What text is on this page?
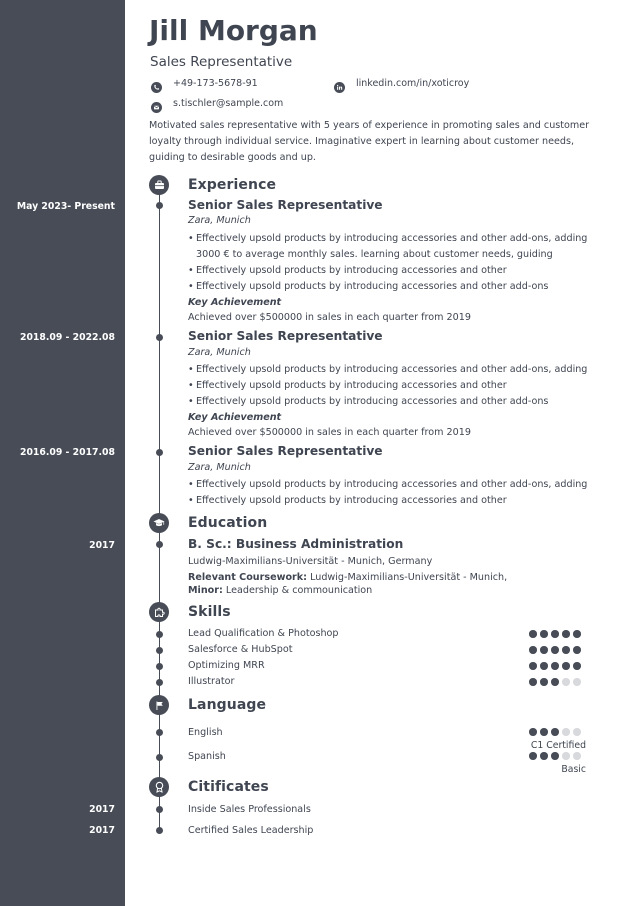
Jill Morgan
Sales Representative
+49-173-5678-91	linkedin.com/in/xoticroy
s.tischler@sample.com
Motivated sales representative with 5 years of experience in promoting sales and customer
loyalty through individual service. Imaginative expert in learning about customer needs,
guiding to desirable goods and up.
Experience
May 2023- Present	Senior Sales Representative
Zara, Munich
• Effectively upsold products by introducing accessories and other add-ons, adding 3000 € to average monthly sales. learning about customer needs, guiding
• Effectively upsold products by introducing accessories and other
• Effectively upsold products by introducing accessories and other add-ons
Key Achievement
Achieved over $500000 in sales in each quarter from 2019
2018.09 - 2022.08	Senior Sales Representative
Zara, Munich
• Effectively upsold products by introducing accessories and other add-ons, adding
• Effectively upsold products by introducing accessories and other
• Effectively upsold products by introducing accessories and other add-ons
Key Achievement
Achieved over $500000 in sales in each quarter from 2019
2016.09 - 2017.08	Senior Sales Representative
Zara, Munich
• Effectively upsold products by introducing accessories and other add-ons, adding
• Effectively upsold products by introducing accessories and other
Education
2017	B. Sc.: Business Administration
Ludwig-Maximilians-Universität - Munich, Germany
Relevant Coursework: Ludwig-Maximilians-Universität - Munich,
Minor: Leadership & commounication
Skills
Lead Qualification & Photoshop
Salesforce & HubSpot
Optimizing MRR
Illustrator
Language
English
C1 Certified
Spanish
Basic
Citificates
2017	Inside Sales Professionals
2017	Certified Sales Leadership
